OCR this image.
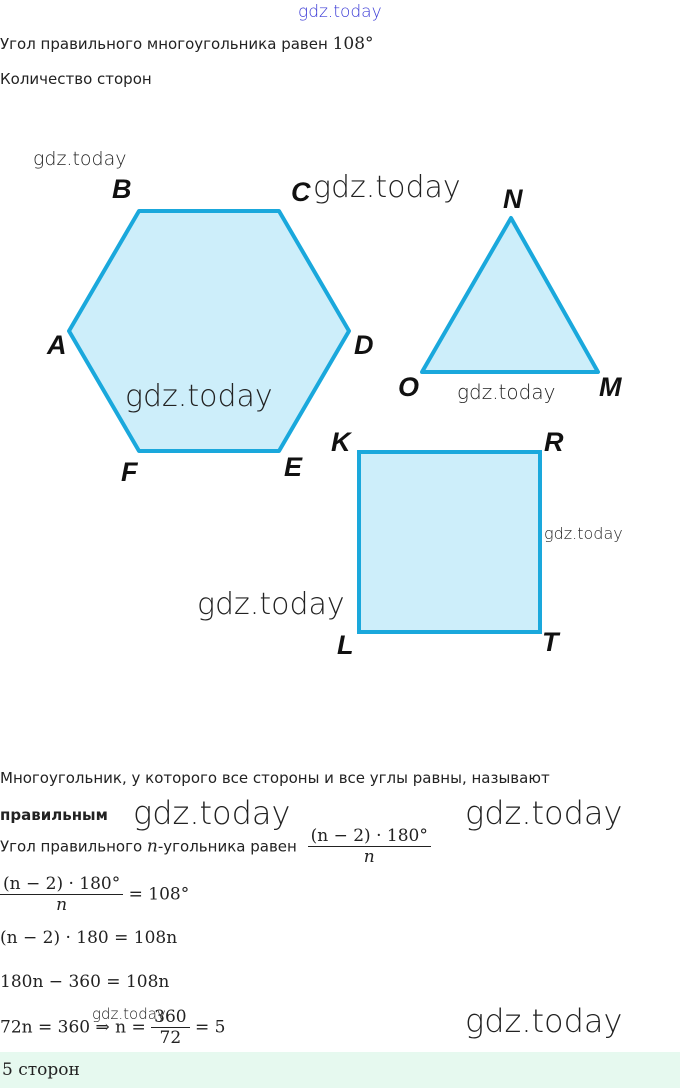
gdz.today
Угол правильного многоугольника равен 108°
Количество сторон
A
B	C
D
E
F
N
M
O
K	R
T
L
gdz.today
gdz.today
gdz.today	gdz.today
gdz.today
gdz.today
Многоугольник, у которого все стороны и все углы равны, называют
правильным gdz.today	gdz.today
Угол правильного n-угольника равен $\frac{(n - 2) \cdot 180^\circ}{n}$
$\frac{(n - 2) \cdot 180^\circ}{n} = 108^\circ$
(n − 2) · 180 = 108n
180n − 360 = 108n
gdz.today
72n = 360 ⇒ $n = \frac{360}{72} = 5$	gdz.today
5 сторон
